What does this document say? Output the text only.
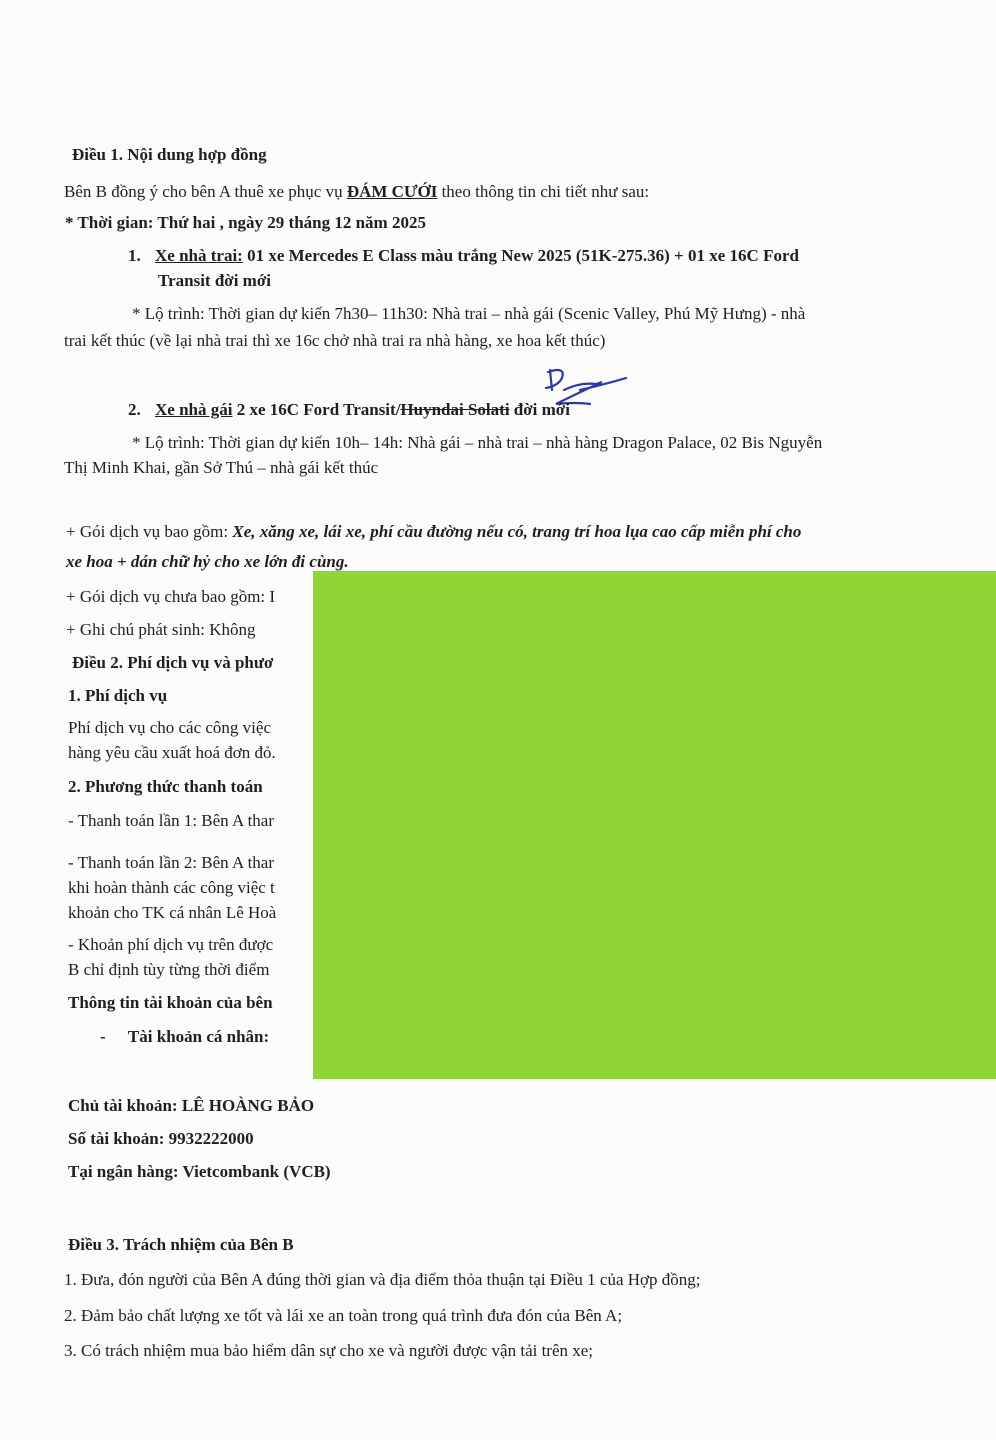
Điều 1. Nội dung hợp đồng
Bên B đồng ý cho bên A thuê xe phục vụ ĐÁM CƯỚI theo thông tin chi tiết như sau:
* Thời gian: Thứ hai , ngày 29 tháng 12 năm 2025
1. Xe nhà trai: 01 xe Mercedes E Class màu trắng New 2025 (51K-275.36) + 01 xe 16C Ford
Transit đời mới
* Lộ trình: Thời gian dự kiến 7h30– 11h30: Nhà trai – nhà gái (Scenic Valley, Phú Mỹ Hưng) - nhà
trai kết thúc (về lại nhà trai thì xe 16c chở nhà trai ra nhà hàng, xe hoa kết thúc)
2. Xe nhà gái 2 xe 16C Ford Transit/Huyndai Solati đời mới
* Lộ trình: Thời gian dự kiến 10h– 14h: Nhà gái – nhà trai – nhà hàng Dragon Palace, 02 Bis Nguyễn
Thị Minh Khai, gần Sở Thú – nhà gái kết thúc
+ Gói dịch vụ bao gồm: Xe, xăng xe, lái xe, phí cầu đường nếu có, trang trí hoa lụa cao cấp miễn phí cho
xe hoa + dán chữ hỷ cho xe lớn đi cùng.
+ Gói dịch vụ chưa bao gồm: I
+ Ghi chú phát sinh: Không
Điều 2. Phí dịch vụ và phươ
1. Phí dịch vụ
Phí dịch vụ cho các công việc
hàng yêu cầu xuất hoá đơn đỏ.
2. Phương thức thanh toán
- Thanh toán lần 1: Bên A thar
- Thanh toán lần 2: Bên A thar
khi hoàn thành các công việc t
khoản cho TK cá nhân Lê Hoà
- Khoản phí dịch vụ trên được
B chỉ định tùy từng thời điểm
Thông tin tài khoản của bên
- Tài khoản cá nhân:
Chủ tài khoản: LÊ HOÀNG BẢO
Số tài khoản: 9932222000
Tại ngân hàng: Vietcombank (VCB)
Điều 3. Trách nhiệm của Bên B
1. Đưa, đón người của Bên A đúng thời gian và địa điểm thỏa thuận tại Điều 1 của Hợp đồng;
2. Đảm bảo chất lượng xe tốt và lái xe an toàn trong quá trình đưa đón của Bên A;
3. Có trách nhiệm mua bảo hiểm dân sự cho xe và người được vận tải trên xe;
